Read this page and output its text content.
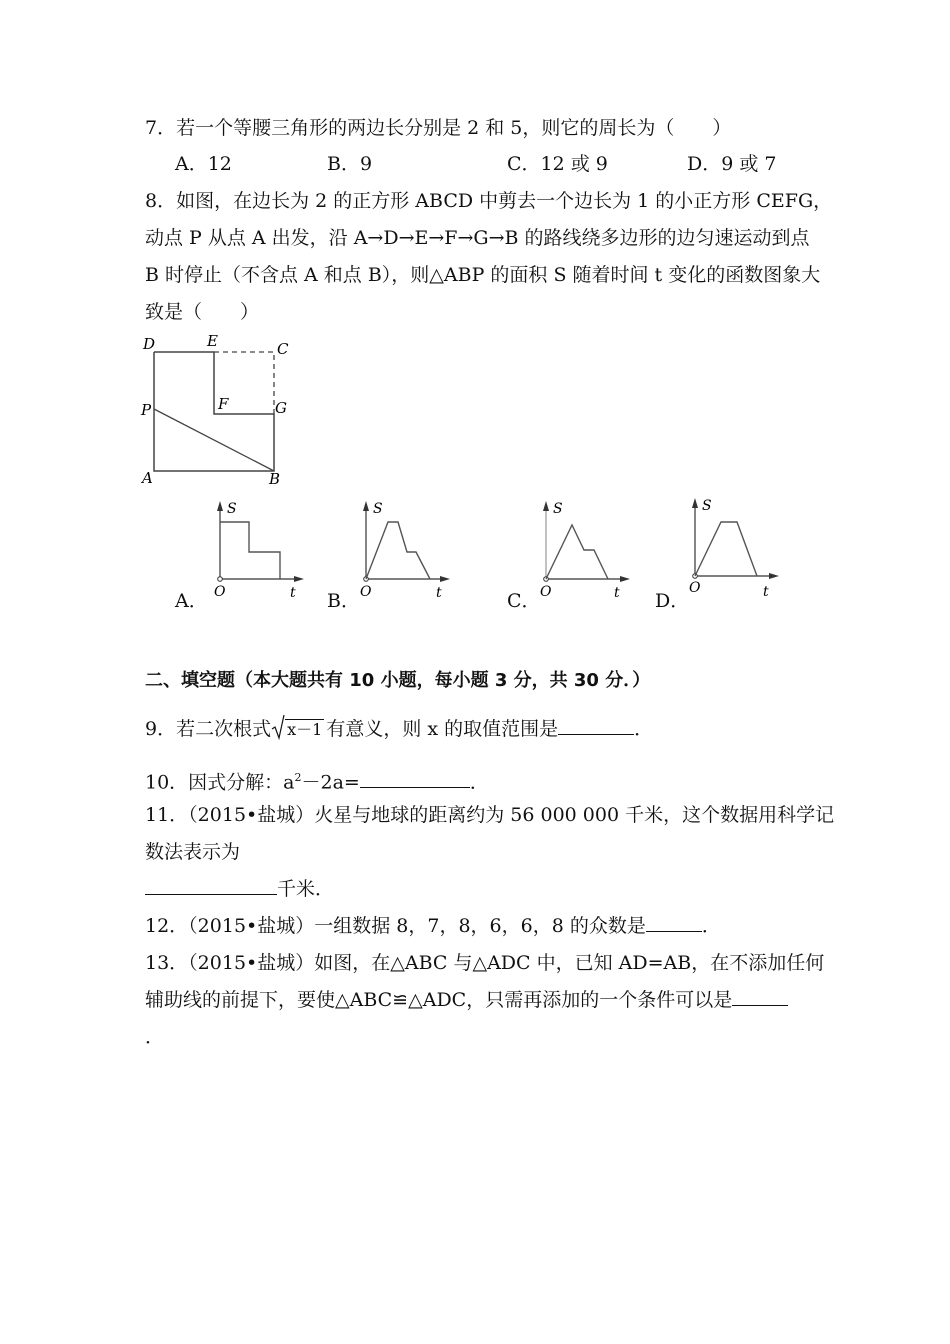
7．若一个等腰三角形的两边长分别是 2 和 5，则它的周长为（　　）
A．12	B．9	C．12 或 9	D．9 或 7
8．如图，在边长为 2 的正方形 ABCD 中剪去一个边长为 1 的小正方形 CEFG，
动点 P 从点 A 出发，沿 A→D→E→F→G→B 的路线绕多边形的边匀速运动到点
B 时停止（不含点 A 和点 B），则△ABP 的面积 S 随着时间 t 变化的函数图象大
致是（　　）
D	E	C
P	F	G
A	B
S
O	t
S
O	t
S
O	t
S
O	t
A．	B．	C．	D．
二、填空题（本大题共有 10 小题，每小题 3 分，共 30 分．）
9．若二次根式 x－1 有意义，则 x 的取值范围是	．
10．因式分解：$a^2-2a=$	．
11．（2015•盐城）火星与地球的距离约为 56 000 000 千米，这个数据用科学记
数法表示为
千米．
12．（2015•盐城）一组数据 8，7，8，6，6，8 的众数是	．
13．（2015•盐城）如图，在△ABC 与△ADC 中，已知 AD=AB，在不添加任何
辅助线的前提下，要使△ABC≌△ADC，只需再添加的一个条件可以是
．
